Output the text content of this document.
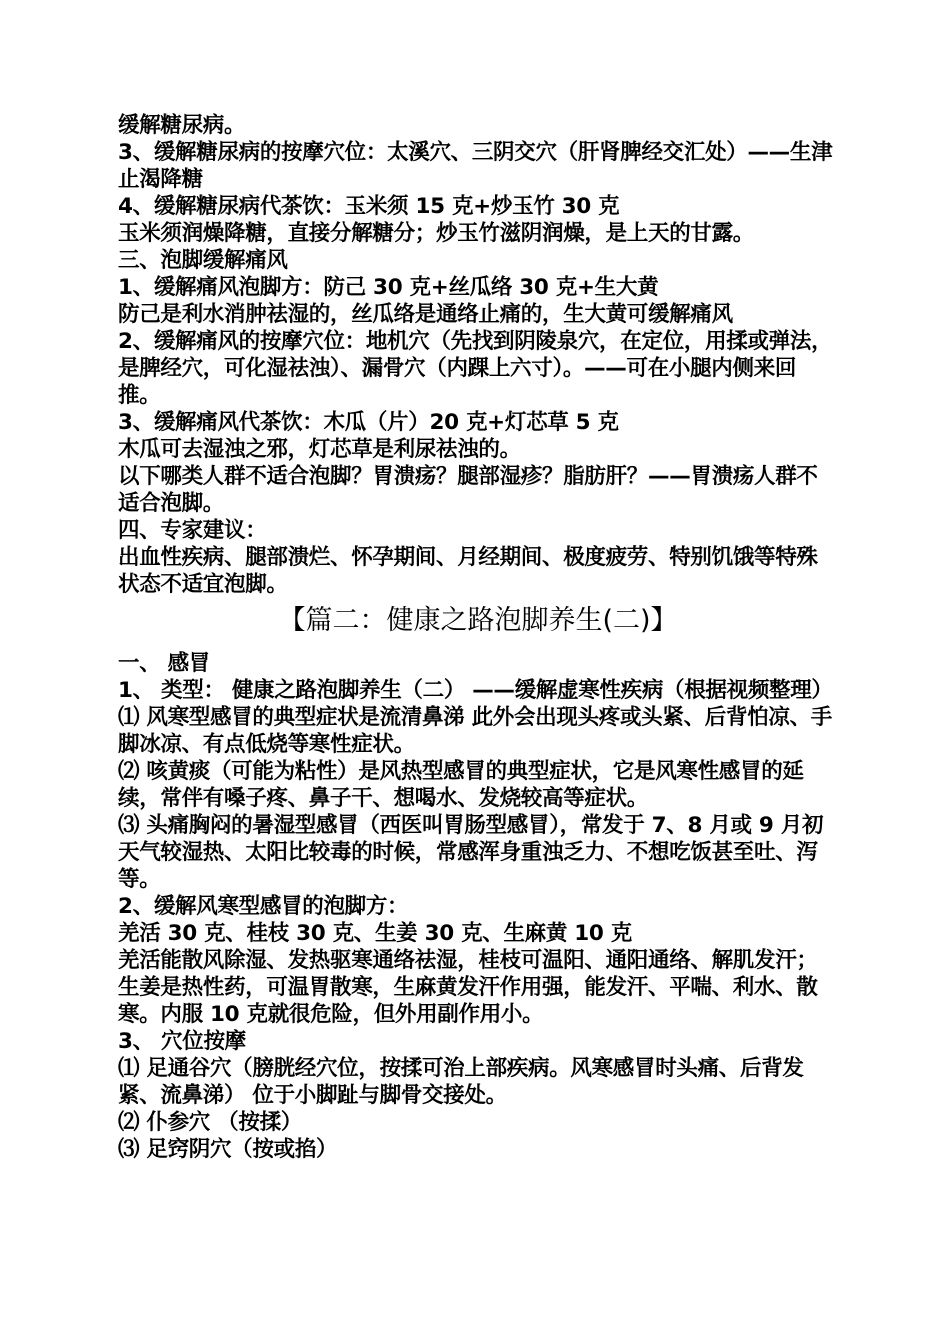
缓解糖尿病。

3、缓解糖尿病的按摩穴位：太溪穴、三阴交穴（肝肾脾经交汇处）——生津止渴降糖

4、缓解糖尿病代茶饮：玉米须 15 克+炒玉竹 30 克

玉米须润燥降糖，直接分解糖分；炒玉竹滋阴润燥，是上天的甘露。

三、泡脚缓解痛风

1、缓解痛风泡脚方：防己 30 克+丝瓜络 30 克+生大黄

防己是利水消肿祛湿的，丝瓜络是通络止痛的，生大黄可缓解痛风

2、缓解痛风的按摩穴位：地机穴（先找到阴陵泉穴，在定位，用揉或弹法，是脾经穴，可化湿祛浊）、漏骨穴（内踝上六寸）。——可在小腿内侧来回推。

3、缓解痛风代茶饮：木瓜（片）20 克+灯芯草 5 克

木瓜可去湿浊之邪，灯芯草是利尿祛浊的。

以下哪类人群不适合泡脚？胃溃疡？腿部湿疹？脂肪肝？——胃溃疡人群不适合泡脚。

四、专家建议：

出血性疾病、腿部溃烂、怀孕期间、月经期间、极度疲劳、特别饥饿等特殊状态不适宜泡脚。

【篇二：健康之路泡脚养生(二)】

一、 感冒

1、 类型： 健康之路泡脚养生（二） ——缓解虚寒性疾病（根据视频整理）

⑴ 风寒型感冒的典型症状是流清鼻涕 此外会出现头疼或头紧、后背怕凉、手脚冰凉、有点低烧等寒性症状。

⑵ 咳黄痰（可能为粘性）是风热型感冒的典型症状，它是风寒性感冒的延续，常伴有嗓子疼、鼻子干、想喝水、发烧较高等症状。

⑶ 头痛胸闷的暑湿型感冒（西医叫胃肠型感冒），常发于 7、8 月或 9 月初天气较湿热、太阳比较毒的时候，常感浑身重浊乏力、不想吃饭甚至吐、泻等。

2、缓解风寒型感冒的泡脚方：

羌活 30 克、桂枝 30 克、生姜 30 克、生麻黄 10 克

羌活能散风除湿、发热驱寒通络祛湿，桂枝可温阳、通阳通络、解肌发汗；生姜是热性药，可温胃散寒，生麻黄发汗作用强，能发汗、平喘、利水、散寒。内服 10 克就很危险，但外用副作用小。

3、 穴位按摩

⑴ 足通谷穴（膀胱经穴位，按揉可治上部疾病。风寒感冒时头痛、后背发紧、流鼻涕） 位于小脚趾与脚骨交接处。

⑵ 仆参穴 （按揉）

⑶ 足窍阴穴（按或掐）
